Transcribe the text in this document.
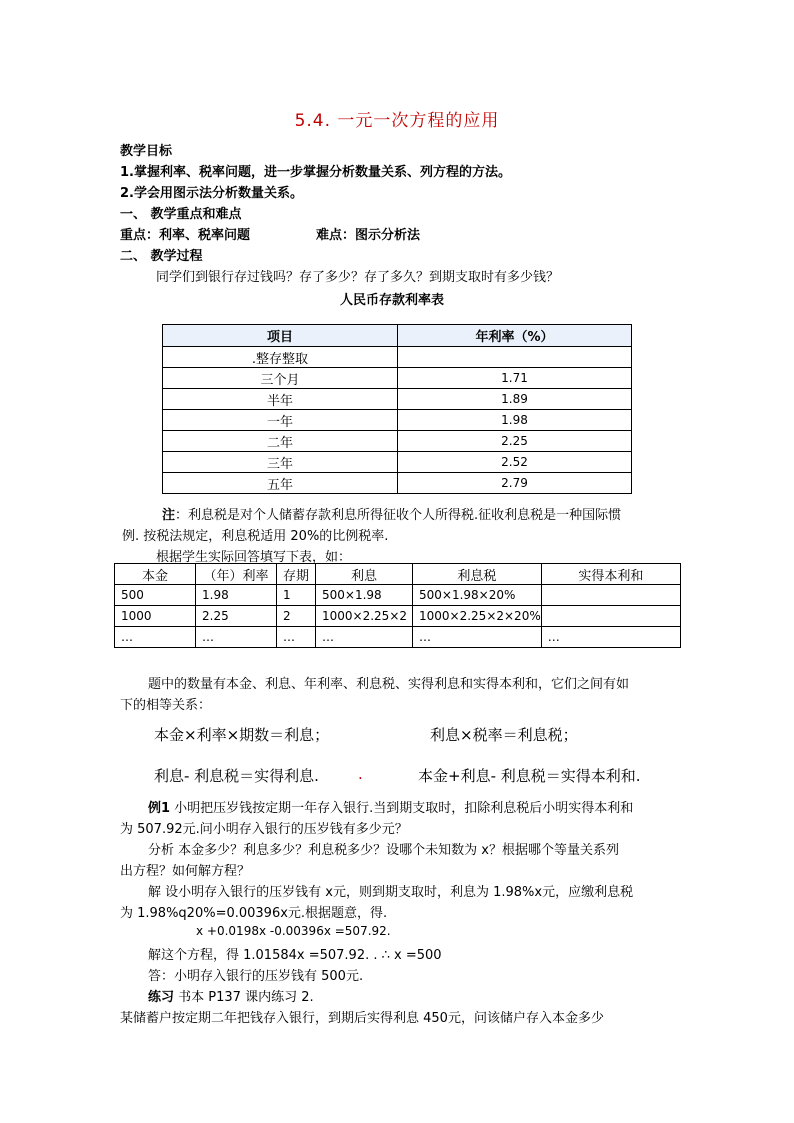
5.4. 一元一次方程的应用
教学目标
1.掌握利率、税率问题，进一步掌握分析数量关系、列方程的方法。
2.学会用图示法分析数量关系。
一、 教学重点和难点
重点：利率、税率问题	难点：图示分析法
二、 教学过程
同学们到银行存过钱吗？存了多少？存了多久？到期支取时有多少钱？
人民币存款利率表
项目	年利率（%）
.整存整取	
三个月	1.71
半年	1.89
一年	1.98
二年	2.25
三年	2.52
五年	2.79
注：利息税是对个人储蓄存款利息所得征收个人所得税.征收利息税是一种国际惯
例. 按税法规定，利息税适用 20%的比例税率.
根据学生实际回答填写下表，如：
本金	（年）利率	存期	利息	利息税	实得本利和
500	1.98	1	500×1.98	500×1.98×20%	
1000	2.25	2	1000×2.25×2	1000×2.25×2×20%	
…	…	…	…	…	…
题中的数量有本金、利息、年利率、利息税、实得利息和实得本利和，它们之间有如
下的相等关系：
本金×利率×期数＝利息；	利息×税率＝利息税；
利息- 利息税＝实得利息.	.	本金+利息- 利息税＝实得本利和.
例1 小明把压岁钱按定期一年存入银行.当到期支取时，扣除利息税后小明实得本利和
为 507.92元.问小明存入银行的压岁钱有多少元？
分析 本金多少？利息多少？利息税多少？设哪个未知数为 x？根据哪个等量关系列
出方程？如何解方程？
解 设小明存入银行的压岁钱有 x元，则到期支取时，利息为 1.98%x元，应缴利息税
为 1.98%q20%=0.00396x元.根据题意，得.
x +0.0198x -0.00396x =507.92.
解这个方程，得 1.01584x =507.92. . ∴ x =500
答：小明存入银行的压岁钱有 500元.
练习 书本 P137 课内练习 2.
某储蓄户按定期二年把钱存入银行，到期后实得利息 450元，问该储户存入本金多少
